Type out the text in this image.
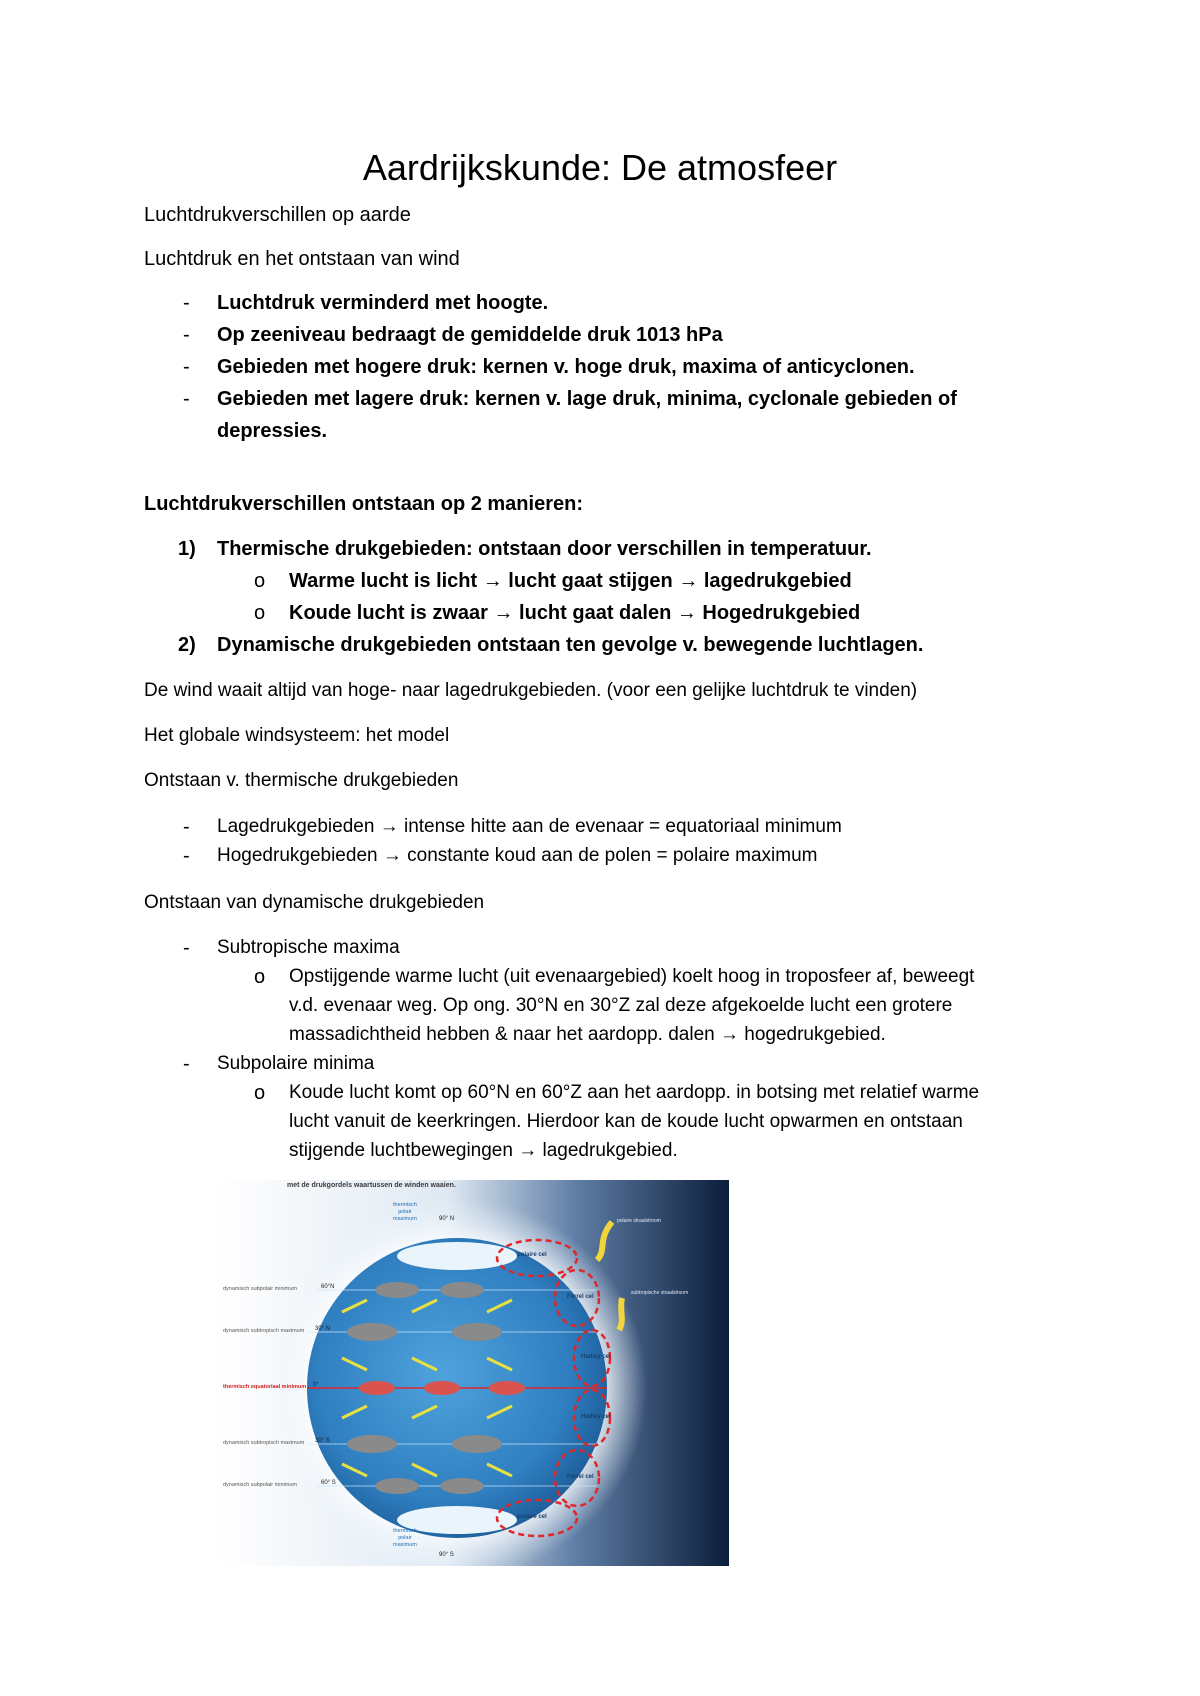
Aardrijkskunde: De atmosfeer
Luchtdrukverschillen op aarde
Luchtdruk en het ontstaan van wind
- Luchtdruk verminderd met hoogte.
- Op zeeniveau bedraagt de gemiddelde druk 1013 hPa
- Gebieden met hogere druk: kernen v. hoge druk, maxima of anticyclonen.
- Gebieden met lagere druk: kernen v. lage druk, minima, cyclonale gebieden of
depressies.
Luchtdrukverschillen ontstaan op 2 manieren:
1) Thermische drukgebieden: ontstaan door verschillen in temperatuur.
o Warme lucht is licht → lucht gaat stijgen → lagedrukgebied
o Koude lucht is zwaar → lucht gaat dalen → Hogedrukgebied
2) Dynamische drukgebieden ontstaan ten gevolge v. bewegende luchtlagen.
De wind waait altijd van hoge- naar lagedrukgebieden. (voor een gelijke luchtdruk te vinden)
Het globale windsysteem: het model
Ontstaan v. thermische drukgebieden
- Lagedrukgebieden → intense hitte aan de evenaar = equatoriaal minimum
- Hogedrukgebieden → constante koud aan de polen = polaire maximum
Ontstaan van dynamische drukgebieden
- Subtropische maxima
o Opstijgende warme lucht (uit evenaargebied) koelt hoog in troposfeer af, beweegt
v.d. evenaar weg. Op ong. 30°N en 30°Z zal deze afgekoelde lucht een grotere
massadichtheid hebben & naar het aardopp. dalen → hogedrukgebied.
- Subpolaire minima
o Koude lucht komt op 60°N en 60°Z aan het aardopp. in botsing met relatief warme
lucht vanuit de keerkringen. Hierdoor kan de koude lucht opwarmen en ontstaan
stijgende luchtbewegingen → lagedrukgebied.
met de drukgordels waartussen de winden waaien.
thermisch
polair
maximum
thermisch
polair
maximum
dynamisch subpolair minimum
dynamisch subtropisch maximum
thermisch equatoriaal minimum
dynamisch subtropisch maximum
dynamisch subpolair minimum
90° N
60°N
30° N
0°
30° S
60° S
90° S
polaire cel
Ferrel cel
Hadley cel
Hadley cel
Ferrel cel
polaire cel
polaire straalstroom
subtropische straalstroom
